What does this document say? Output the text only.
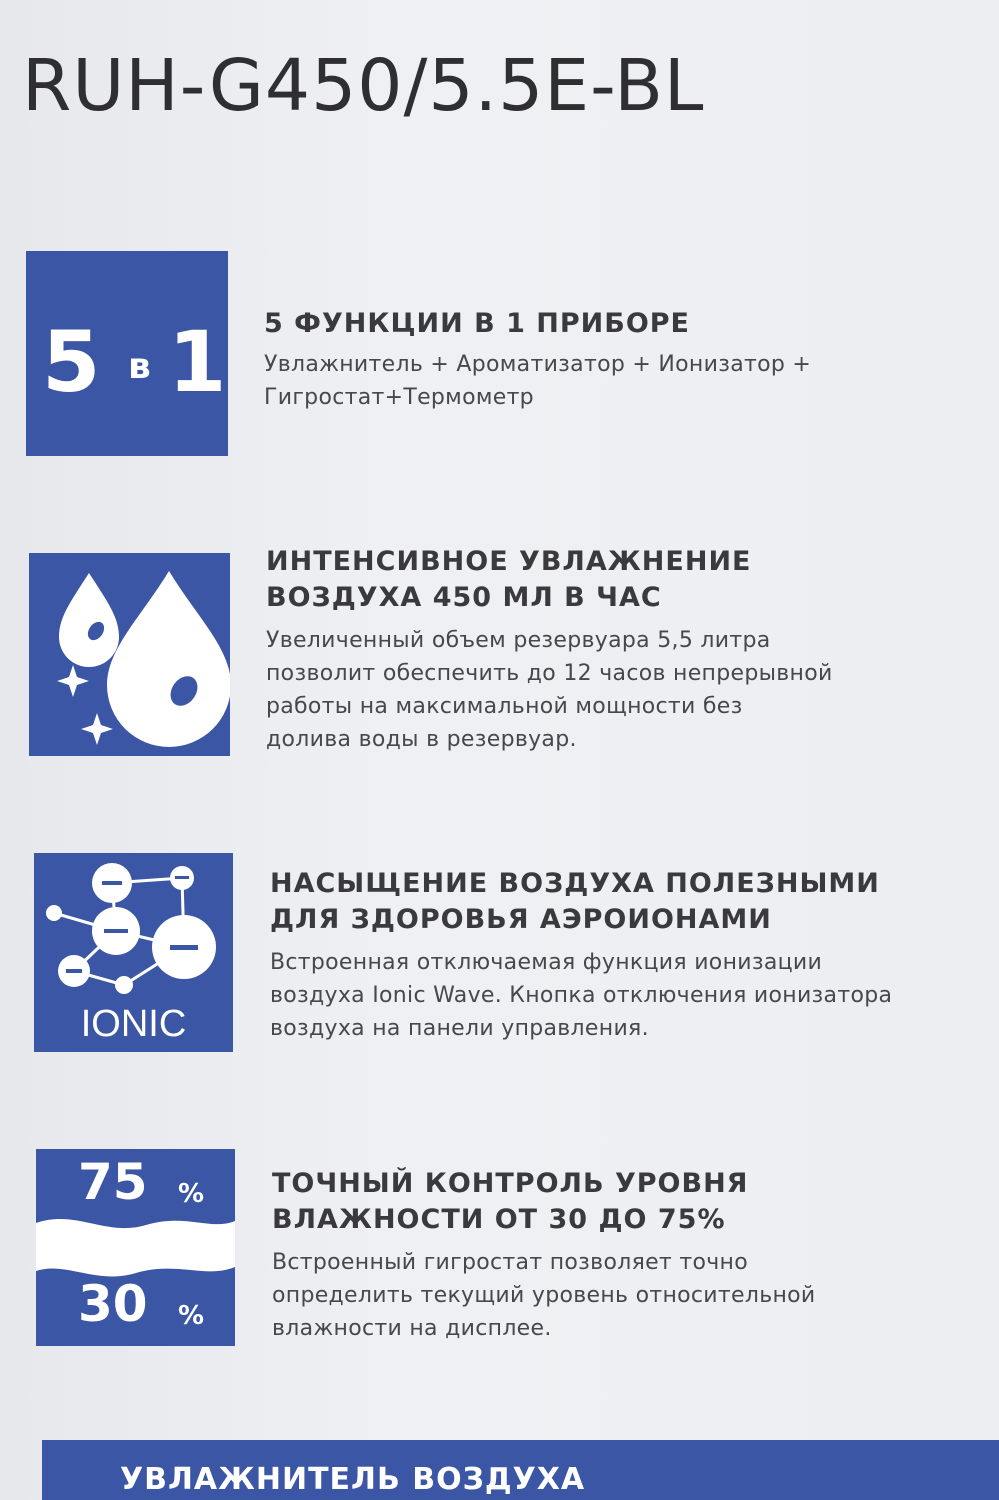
RUH-G450/5.5E-BL
5 в 1 5 ФУНКЦИИ В 1 ПРИБОРЕ
Увлажнитель + Ароматизатор + Ионизатор +
Гигростат+Термометр
ИНТЕНСИВНОЕ УВЛАЖНЕНИЕ
ВОЗДУХА 450 МЛ В ЧАС
Увеличенный объем резервуара 5,5 литра
позволит обеспечить до 12 часов непрерывной
работы на максимальной мощности без
долива воды в резервуар.
IONIC
НАСЫЩЕНИЕ ВОЗДУХА ПОЛЕЗНЫМИ
ДЛЯ ЗДОРОВЬЯ АЭРОИОНАМИ
Встроенная отключаемая функция ионизации
воздуха Ionic Wave. Кнопка отключения ионизатора
воздуха на панели управления.
75 %
30 %
ТОЧНЫЙ КОНТРОЛЬ УРОВНЯ
ВЛАЖНОСТИ ОТ 30 ДО 75%
Встроенный гигростат позволяет точно
определить текущий уровень относительной
влажности на дисплее.
УВЛАЖНИТЕЛЬ ВОЗДУХА
